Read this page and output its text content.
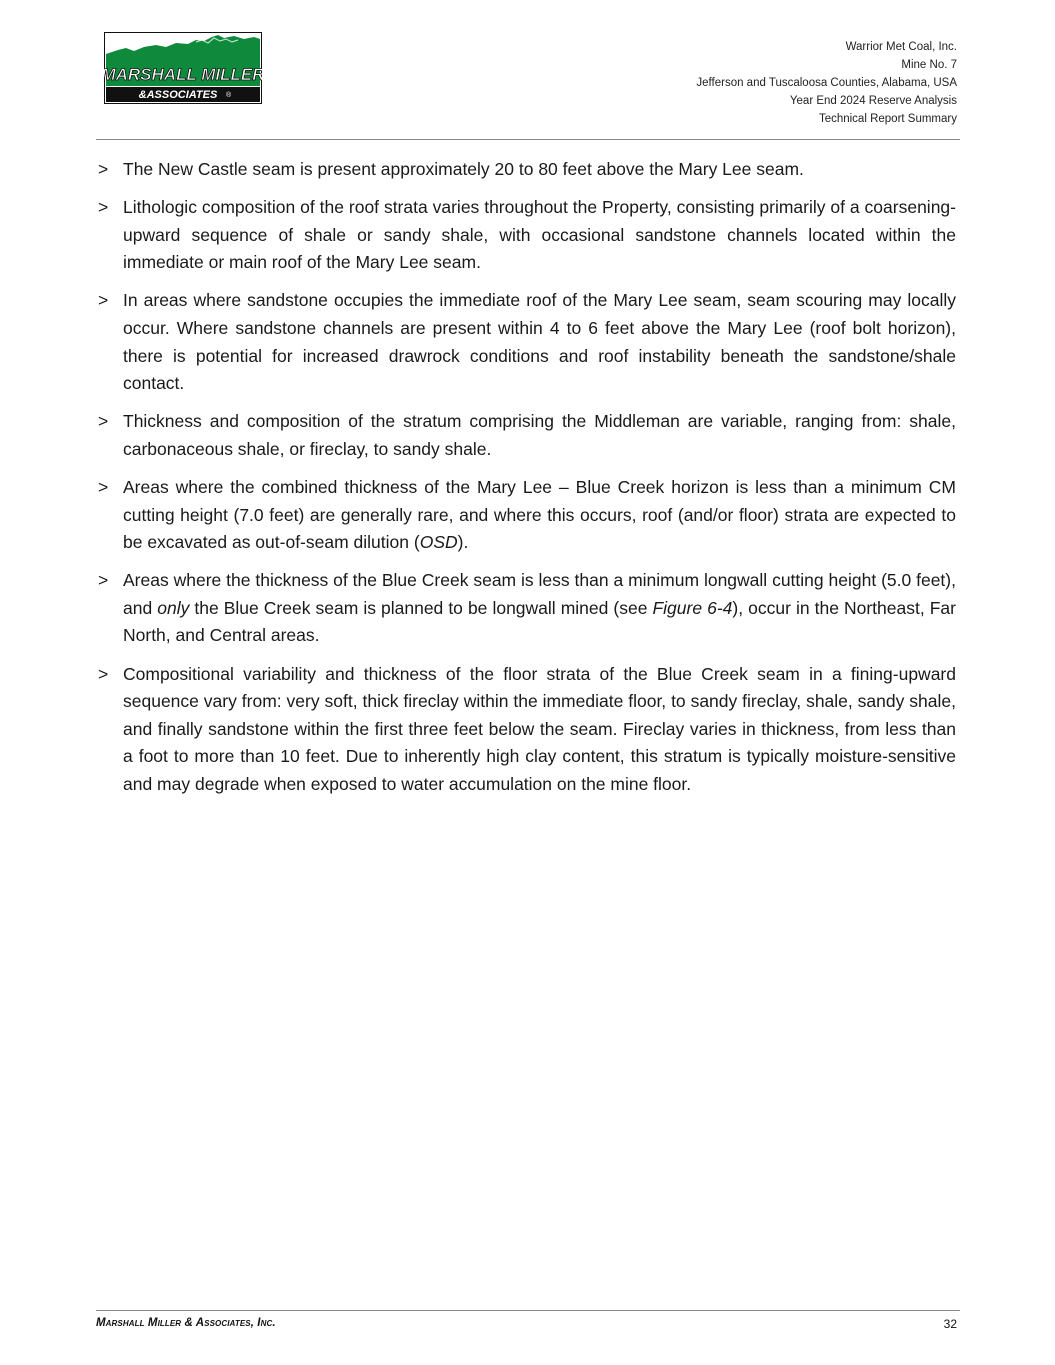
MARSHALL MILLER
&ASSOCIATES ®
Warrior Met Coal, Inc.
Mine No. 7
Jefferson and Tuscaloosa Counties, Alabama, USA
Year End 2024 Reserve Analysis
Technical Report Summary
> The New Castle seam is present approximately 20 to 80 feet above the Mary Lee seam.
> Lithologic composition of the roof strata varies throughout the Property, consisting primarily of a coarsening-upward sequence of shale or sandy shale, with occasional sandstone channels located within the immediate or main roof of the Mary Lee seam.
> In areas where sandstone occupies the immediate roof of the Mary Lee seam, seam scouring may locally occur. Where sandstone channels are present within 4 to 6 feet above the Mary Lee (roof bolt horizon), there is potential for increased drawrock conditions and roof instability beneath the sandstone/shale contact.
> Thickness and composition of the stratum comprising the Middleman are variable, ranging from: shale, carbonaceous shale, or fireclay, to sandy shale.
> Areas where the combined thickness of the Mary Lee – Blue Creek horizon is less than a minimum CM cutting height (7.0 feet) are generally rare, and where this occurs, roof (and/or floor) strata are expected to be excavated as out-of-seam dilution (OSD).
> Areas where the thickness of the Blue Creek seam is less than a minimum longwall cutting height (5.0 feet), and only the Blue Creek seam is planned to be longwall mined (see Figure 6-4), occur in the Northeast, Far North, and Central areas.
> Compositional variability and thickness of the floor strata of the Blue Creek seam in a fining-upward sequence vary from: very soft, thick fireclay within the immediate floor, to sandy fireclay, shale, sandy shale, and finally sandstone within the first three feet below the seam. Fireclay varies in thickness, from less than a foot to more than 10 feet. Due to inherently high clay content, this stratum is typically moisture-sensitive and may degrade when exposed to water accumulation on the mine floor.
Marshall Miller & Associates, Inc.	32
